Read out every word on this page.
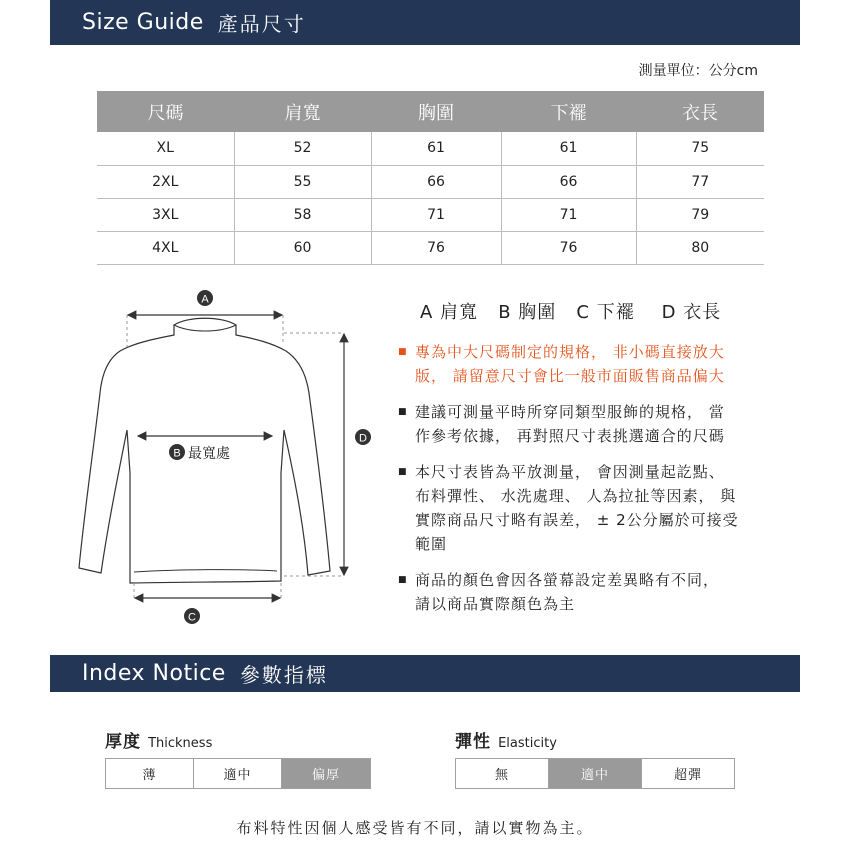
Size Guide 產品尺寸
測量單位：公分cm
尺碼	肩寬	胸圍	下襬	衣長
XL	52	61	61	75
2XL	55	66	66	77
3XL	58	71	71	79
4XL	60	76	76	80
A
B 最寬處
D
C
A 肩寬   B 胸圍   C 下襬    D 衣長
■ 專為中大尺碼制定的規格， 非小碼直接放大
版， 請留意尺寸會比一般市面販售商品偏大
■ 建議可測量平時所穿同類型服飾的規格， 當
作參考依據， 再對照尺寸表挑選適合的尺碼
■ 本尺寸表皆為平放測量， 會因測量起訖點、
布料彈性、 水洗處理、 人為拉扯等因素， 與
實際商品尺寸略有誤差， ± 2公分屬於可接受
範圍
■ 商品的顏色會因各螢幕設定差異略有不同，
請以商品實際顏色為主
Index Notice 參數指標
厚度 Thickness
薄	適中	偏厚
彈性 Elasticity
無	適中	超彈
布料特性因個人感受皆有不同，請以實物為主。
